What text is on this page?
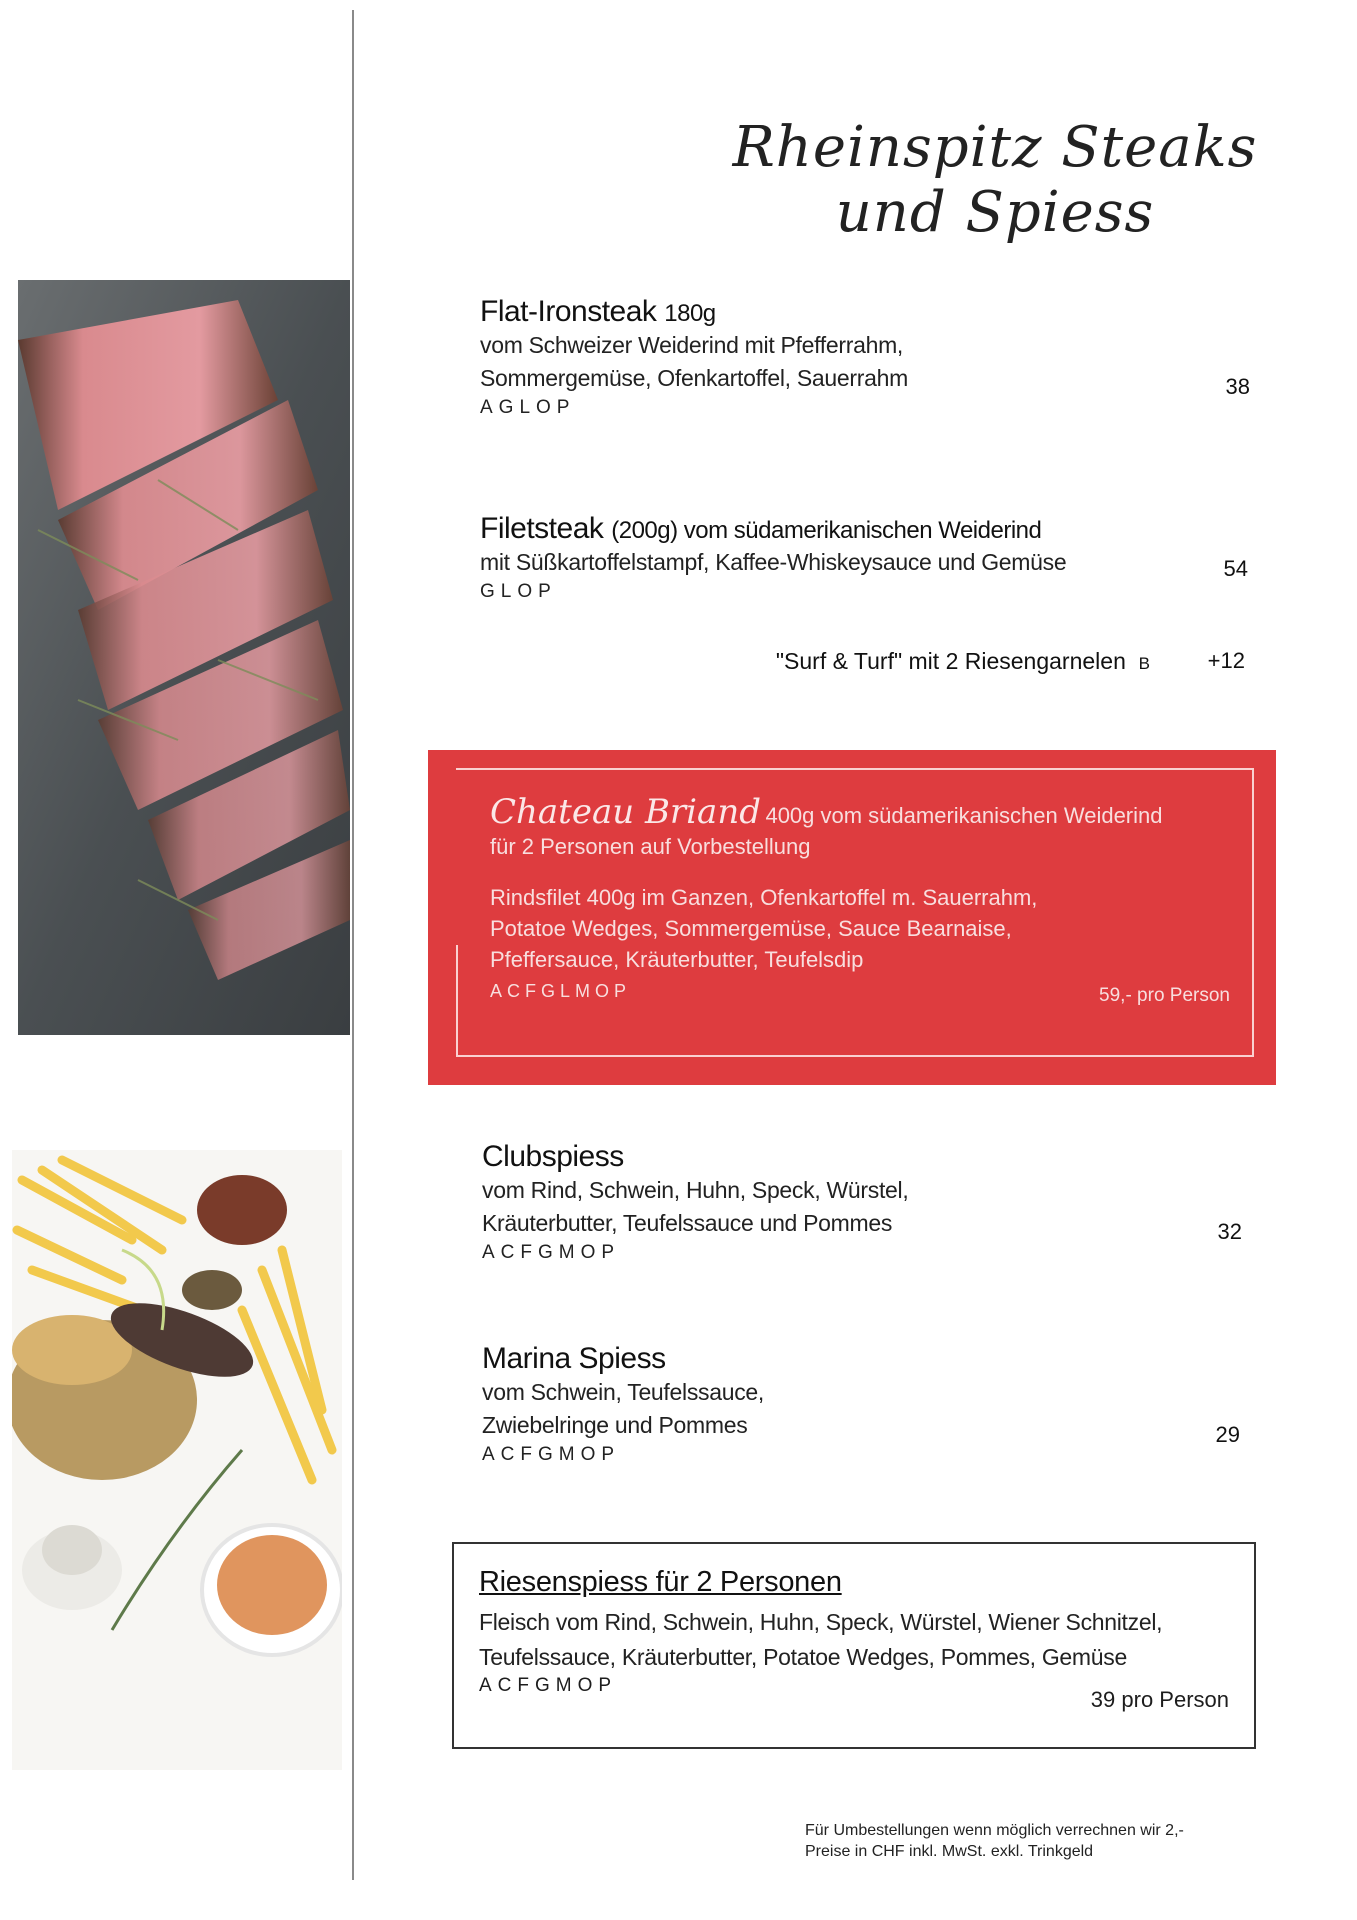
Rheinspitz Steaks und Spiess
Flat-Ironsteak 180g
vom Schweizer Weiderind mit Pfefferrahm,
Sommergemüse, Ofenkartoffel, Sauerrahm
AGLOP
38
Filetsteak (200g) vom südamerikanischen Weiderind
mit Süßkartoffelstampf, Kaffee-Whiskeysauce und Gemüse
GLOP
54
"Surf & Turf" mit 2 Riesengarnelen B	+12
Chateau Briand 400g vom südamerikanischen Weiderind
für 2 Personen auf Vorbestellung
Rindsfilet 400g im Ganzen, Ofenkartoffel m. Sauerrahm,
Potatoe Wedges, Sommergemüse, Sauce Bearnaise,
Pfeffersauce, Kräuterbutter, Teufelsdip
ACFGLMOP	59,- pro Person
Clubspiess
vom Rind, Schwein, Huhn, Speck, Würstel,
Kräuterbutter, Teufelssauce und Pommes
ACFGMOP
32
Marina Spiess
vom Schwein, Teufelssauce,
Zwiebelringe und Pommes
ACFGMOP
29
Riesenspiess für 2 Personen
Fleisch vom Rind, Schwein, Huhn, Speck, Würstel, Wiener Schnitzel,
Teufelssauce, Kräuterbutter, Potatoe Wedges, Pommes, Gemüse
ACFGMOP
39 pro Person
Für Umbestellungen wenn möglich verrechnen wir 2,-
Preise in CHF inkl. MwSt. exkl. Trinkgeld
